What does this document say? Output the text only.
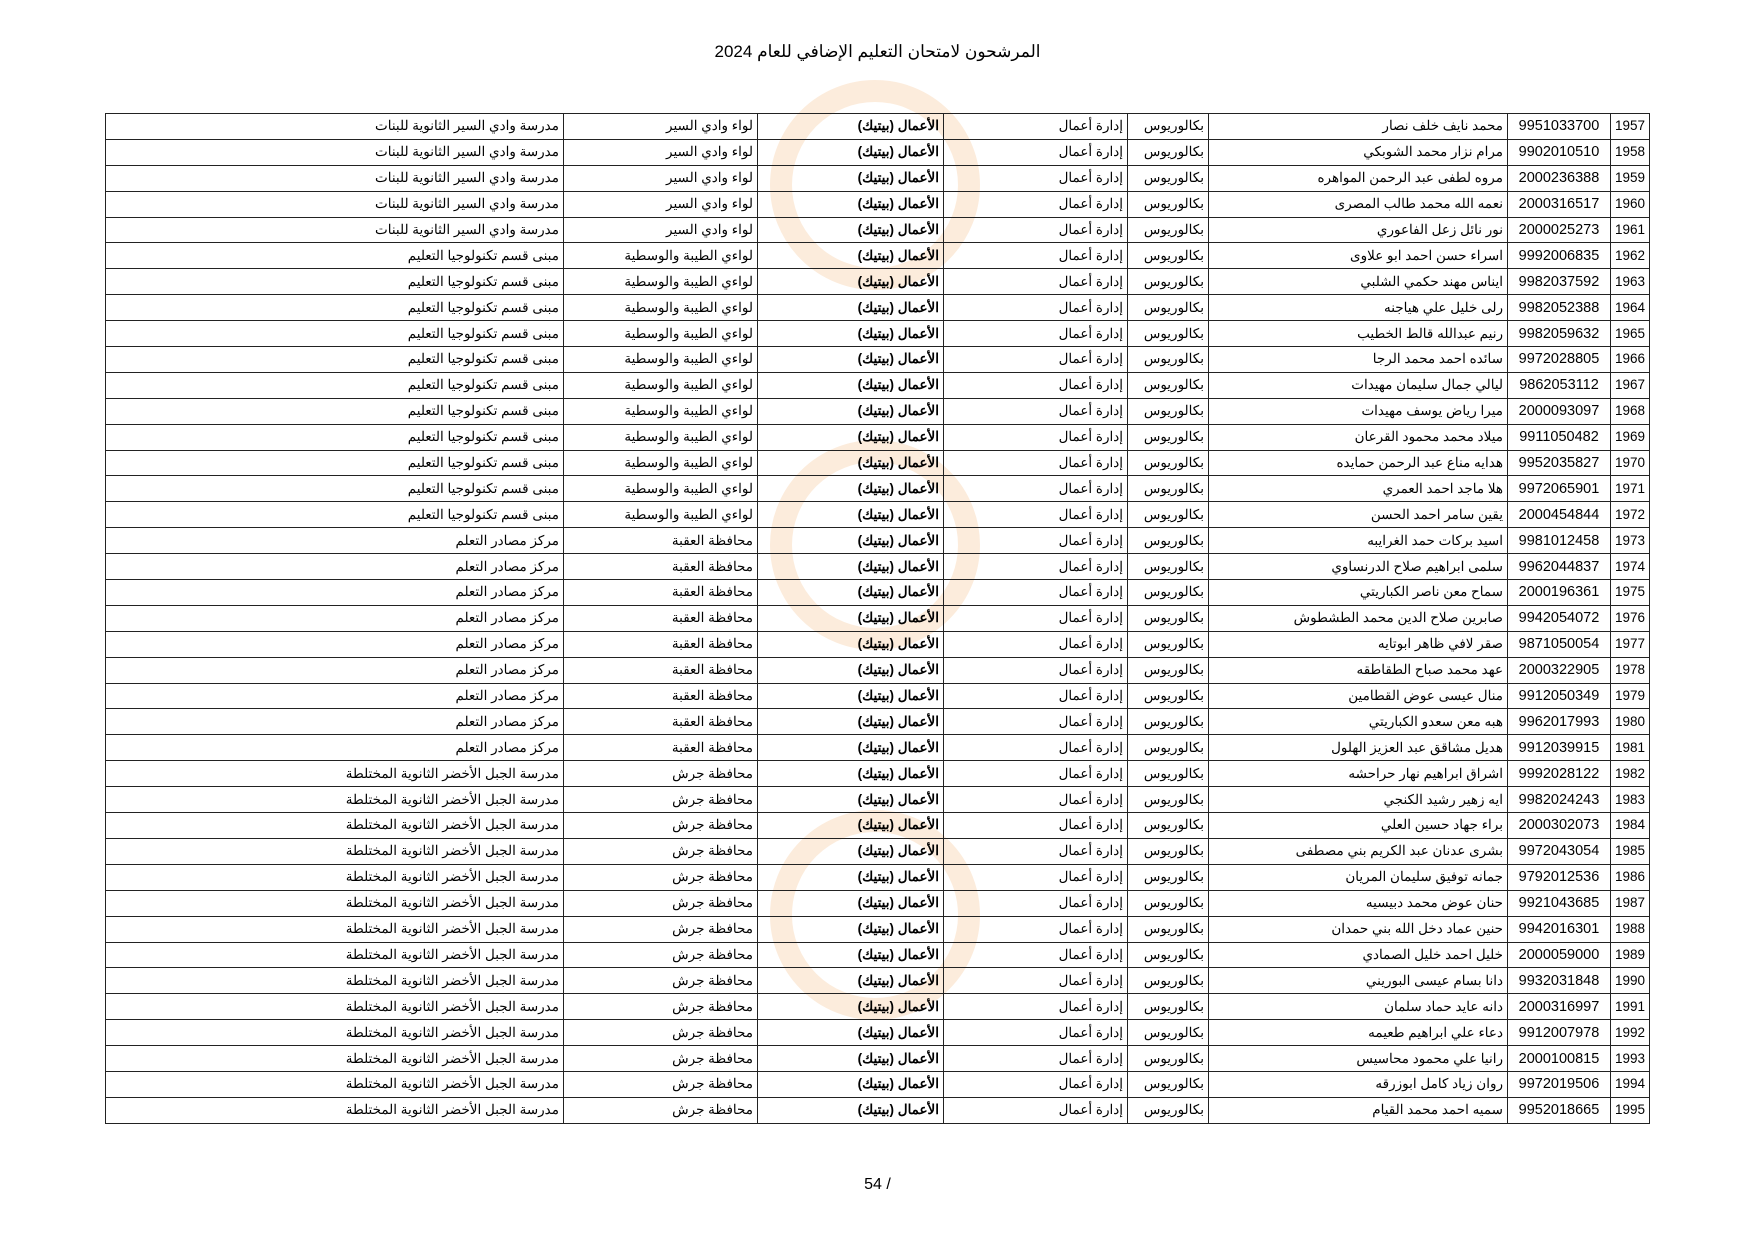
المرشحون لامتحان التعليم الإضافي للعام 2024
1957	9951033700	محمد نايف خلف نصار	بكالوريوس	إدارة أعمال	الأعمال (بيتيك)	لواء وادي السير	مدرسة وادي السير الثانوية للبنات
1958	9902010510	مرام نزار محمد الشوبكي	بكالوريوس	إدارة أعمال	الأعمال (بيتيك)	لواء وادي السير	مدرسة وادي السير الثانوية للبنات
1959	2000236388	مروه لطفى عبد الرحمن المواهره	بكالوريوس	إدارة أعمال	الأعمال (بيتيك)	لواء وادي السير	مدرسة وادي السير الثانوية للبنات
1960	2000316517	نعمه الله محمد طالب المصرى	بكالوريوس	إدارة أعمال	الأعمال (بيتيك)	لواء وادي السير	مدرسة وادي السير الثانوية للبنات
1961	2000025273	نور نائل زعل الفاعوري	بكالوريوس	إدارة أعمال	الأعمال (بيتيك)	لواء وادي السير	مدرسة وادي السير الثانوية للبنات
1962	9992006835	اسراء حسن احمد ابو علاوى	بكالوريوس	إدارة أعمال	الأعمال (بيتيك)	لواءي الطيبة والوسطية	مبنى قسم تكنولوجيا التعليم
1963	9982037592	ايناس مهند حكمي الشلبي	بكالوريوس	إدارة أعمال	الأعمال (بيتيك)	لواءي الطيبة والوسطية	مبنى قسم تكنولوجيا التعليم
1964	9982052388	رلى خليل علي هياجنه	بكالوريوس	إدارة أعمال	الأعمال (بيتيك)	لواءي الطيبة والوسطية	مبنى قسم تكنولوجيا التعليم
1965	9982059632	رنيم عبدالله قالط الخطيب	بكالوريوس	إدارة أعمال	الأعمال (بيتيك)	لواءي الطيبة والوسطية	مبنى قسم تكنولوجيا التعليم
1966	9972028805	سائده احمد محمد الرجا	بكالوريوس	إدارة أعمال	الأعمال (بيتيك)	لواءي الطيبة والوسطية	مبنى قسم تكنولوجيا التعليم
1967	9862053112	ليالي جمال سليمان مهيدات	بكالوريوس	إدارة أعمال	الأعمال (بيتيك)	لواءي الطيبة والوسطية	مبنى قسم تكنولوجيا التعليم
1968	2000093097	ميرا رياض يوسف مهيدات	بكالوريوس	إدارة أعمال	الأعمال (بيتيك)	لواءي الطيبة والوسطية	مبنى قسم تكنولوجيا التعليم
1969	9911050482	ميلاد محمد محمود القرعان	بكالوريوس	إدارة أعمال	الأعمال (بيتيك)	لواءي الطيبة والوسطية	مبنى قسم تكنولوجيا التعليم
1970	9952035827	هدايه مناع عبد الرحمن حمايده	بكالوريوس	إدارة أعمال	الأعمال (بيتيك)	لواءي الطيبة والوسطية	مبنى قسم تكنولوجيا التعليم
1971	9972065901	هلا ماجد احمد العمري	بكالوريوس	إدارة أعمال	الأعمال (بيتيك)	لواءي الطيبة والوسطية	مبنى قسم تكنولوجيا التعليم
1972	2000454844	يقين سامر احمد الحسن	بكالوريوس	إدارة أعمال	الأعمال (بيتيك)	لواءي الطيبة والوسطية	مبنى قسم تكنولوجيا التعليم
1973	9981012458	اسيد بركات حمد الغرايبه	بكالوريوس	إدارة أعمال	الأعمال (بيتيك)	محافظة العقبة	مركز مصادر التعلم
1974	9962044837	سلمى ابراهيم صلاح الدرنساوي	بكالوريوس	إدارة أعمال	الأعمال (بيتيك)	محافظة العقبة	مركز مصادر التعلم
1975	2000196361	سماح معن ناصر الكباريتي	بكالوريوس	إدارة أعمال	الأعمال (بيتيك)	محافظة العقبة	مركز مصادر التعلم
1976	9942054072	صابرين صلاح الدين محمد الطشطوش	بكالوريوس	إدارة أعمال	الأعمال (بيتيك)	محافظة العقبة	مركز مصادر التعلم
1977	9871050054	صقر لافي ظاهر ابوتايه	بكالوريوس	إدارة أعمال	الأعمال (بيتيك)	محافظة العقبة	مركز مصادر التعلم
1978	2000322905	عهد محمد صباح الطقاطقه	بكالوريوس	إدارة أعمال	الأعمال (بيتيك)	محافظة العقبة	مركز مصادر التعلم
1979	9912050349	منال عيسى عوض القطامين	بكالوريوس	إدارة أعمال	الأعمال (بيتيك)	محافظة العقبة	مركز مصادر التعلم
1980	9962017993	هبه معن سعدو الكباريتي	بكالوريوس	إدارة أعمال	الأعمال (بيتيك)	محافظة العقبة	مركز مصادر التعلم
1981	9912039915	هديل مشاقق عبد العزيز الهلول	بكالوريوس	إدارة أعمال	الأعمال (بيتيك)	محافظة العقبة	مركز مصادر التعلم
1982	9992028122	اشراق ابراهيم نهار حراحشه	بكالوريوس	إدارة أعمال	الأعمال (بيتيك)	محافظة جرش	مدرسة الجبل الأخضر الثانوية المختلطة
1983	9982024243	ايه زهير رشيد الكنجي	بكالوريوس	إدارة أعمال	الأعمال (بيتيك)	محافظة جرش	مدرسة الجبل الأخضر الثانوية المختلطة
1984	2000302073	براء جهاد حسين العلي	بكالوريوس	إدارة أعمال	الأعمال (بيتيك)	محافظة جرش	مدرسة الجبل الأخضر الثانوية المختلطة
1985	9972043054	بشرى عدنان عبد الكريم بني مصطفى	بكالوريوس	إدارة أعمال	الأعمال (بيتيك)	محافظة جرش	مدرسة الجبل الأخضر الثانوية المختلطة
1986	9792012536	جمانه توفيق سليمان المريان	بكالوريوس	إدارة أعمال	الأعمال (بيتيك)	محافظة جرش	مدرسة الجبل الأخضر الثانوية المختلطة
1987	9921043685	حنان عوض محمد دبيسيه	بكالوريوس	إدارة أعمال	الأعمال (بيتيك)	محافظة جرش	مدرسة الجبل الأخضر الثانوية المختلطة
1988	9942016301	حنين عماد دخل الله بني حمدان	بكالوريوس	إدارة أعمال	الأعمال (بيتيك)	محافظة جرش	مدرسة الجبل الأخضر الثانوية المختلطة
1989	2000059000	خليل احمد خليل الصمادي	بكالوريوس	إدارة أعمال	الأعمال (بيتيك)	محافظة جرش	مدرسة الجبل الأخضر الثانوية المختلطة
1990	9932031848	دانا بسام عيسى البوريني	بكالوريوس	إدارة أعمال	الأعمال (بيتيك)	محافظة جرش	مدرسة الجبل الأخضر الثانوية المختلطة
1991	2000316997	دانه عايد حماد سلمان	بكالوريوس	إدارة أعمال	الأعمال (بيتيك)	محافظة جرش	مدرسة الجبل الأخضر الثانوية المختلطة
1992	9912007978	دعاء علي ابراهيم طعيمه	بكالوريوس	إدارة أعمال	الأعمال (بيتيك)	محافظة جرش	مدرسة الجبل الأخضر الثانوية المختلطة
1993	2000100815	رانيا علي محمود محاسيس	بكالوريوس	إدارة أعمال	الأعمال (بيتيك)	محافظة جرش	مدرسة الجبل الأخضر الثانوية المختلطة
1994	9972019506	روان زياد كامل ابوزرقه	بكالوريوس	إدارة أعمال	الأعمال (بيتيك)	محافظة جرش	مدرسة الجبل الأخضر الثانوية المختلطة
1995	9952018665	سميه احمد محمد القيام	بكالوريوس	إدارة أعمال	الأعمال (بيتيك)	محافظة جرش	مدرسة الجبل الأخضر الثانوية المختلطة
54 /
